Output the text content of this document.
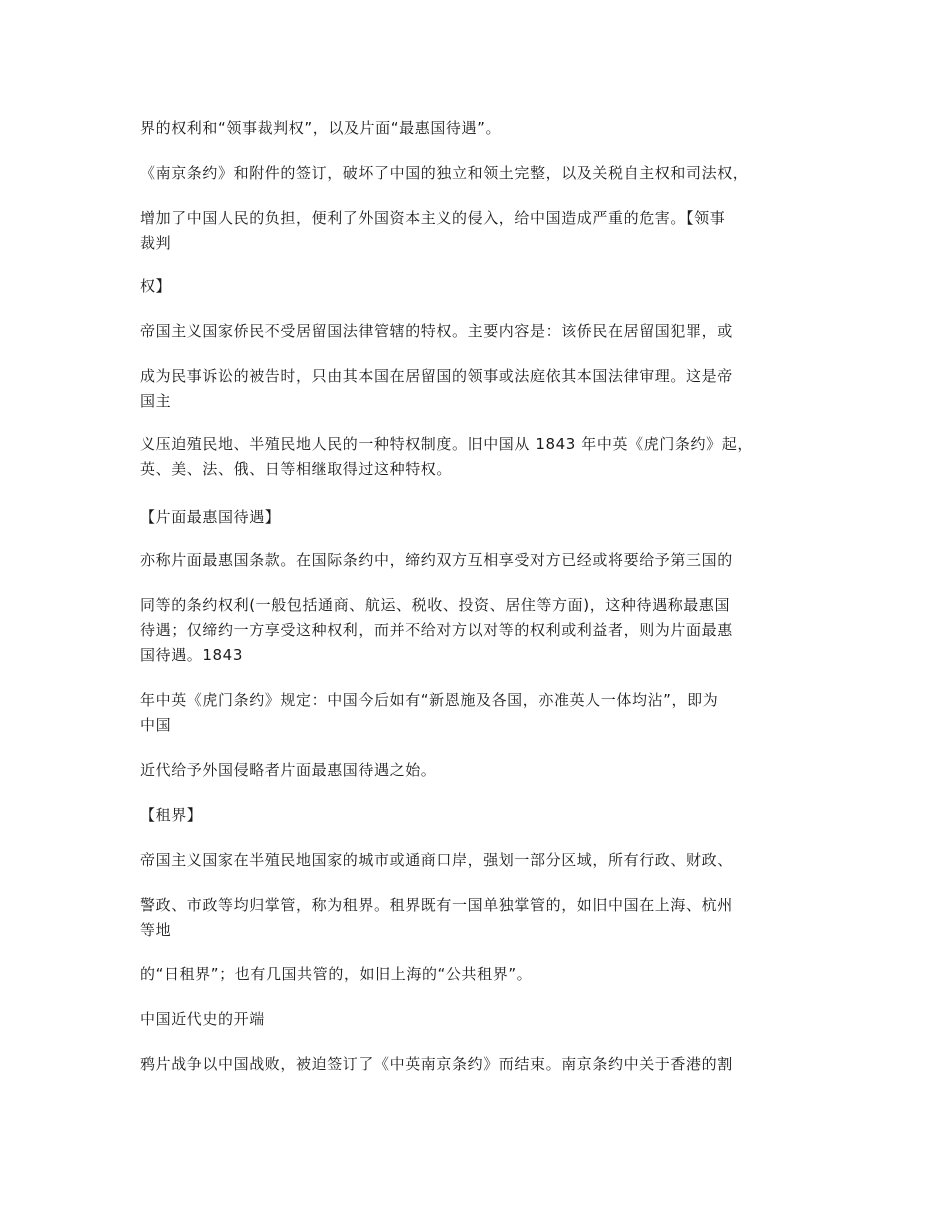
界的权利和“领事裁判权”，以及片面“最惠国待遇”。

《南京条约》和附件的签订，破坏了中国的独立和领土完整，以及关税自主权和司法权，

增加了中国人民的负担，便利了外国资本主义的侵入，给中国造成严重的危害。【领事
裁判

权】

帝国主义国家侨民不受居留国法律管辖的特权。主要内容是：该侨民在居留国犯罪，或

成为民事诉讼的被告时，只由其本国在居留国的领事或法庭依其本国法律审理。这是帝
国主

义压迫殖民地、半殖民地人民的一种特权制度。旧中国从 1843 年中英《虎门条约》起，
英、美、法、俄、日等相继取得过这种特权。

【片面最惠国待遇】

亦称片面最惠国条款。在国际条约中，缔约双方互相享受对方已经或将要给予第三国的

同等的条约权利(一般包括通商、航运、税收、投资、居住等方面)，这种待遇称最惠国
待遇；仅缔约一方享受这种权利，而并不给对方以对等的权利或利益者，则为片面最惠
国待遇。1843

年中英《虎门条约》规定：中国今后如有“新恩施及各国，亦准英人一体均沾”，即为
中国

近代给予外国侵略者片面最惠国待遇之始。

【租界】

帝国主义国家在半殖民地国家的城市或通商口岸，强划一部分区域，所有行政、财政、

警政、市政等均归掌管，称为租界。租界既有一国单独掌管的，如旧中国在上海、杭州
等地

的“日租界”；也有几国共管的，如旧上海的“公共租界”。

中国近代史的开端

鸦片战争以中国战败，被迫签订了《中英南京条约》而结束。南京条约中关于香港的割
